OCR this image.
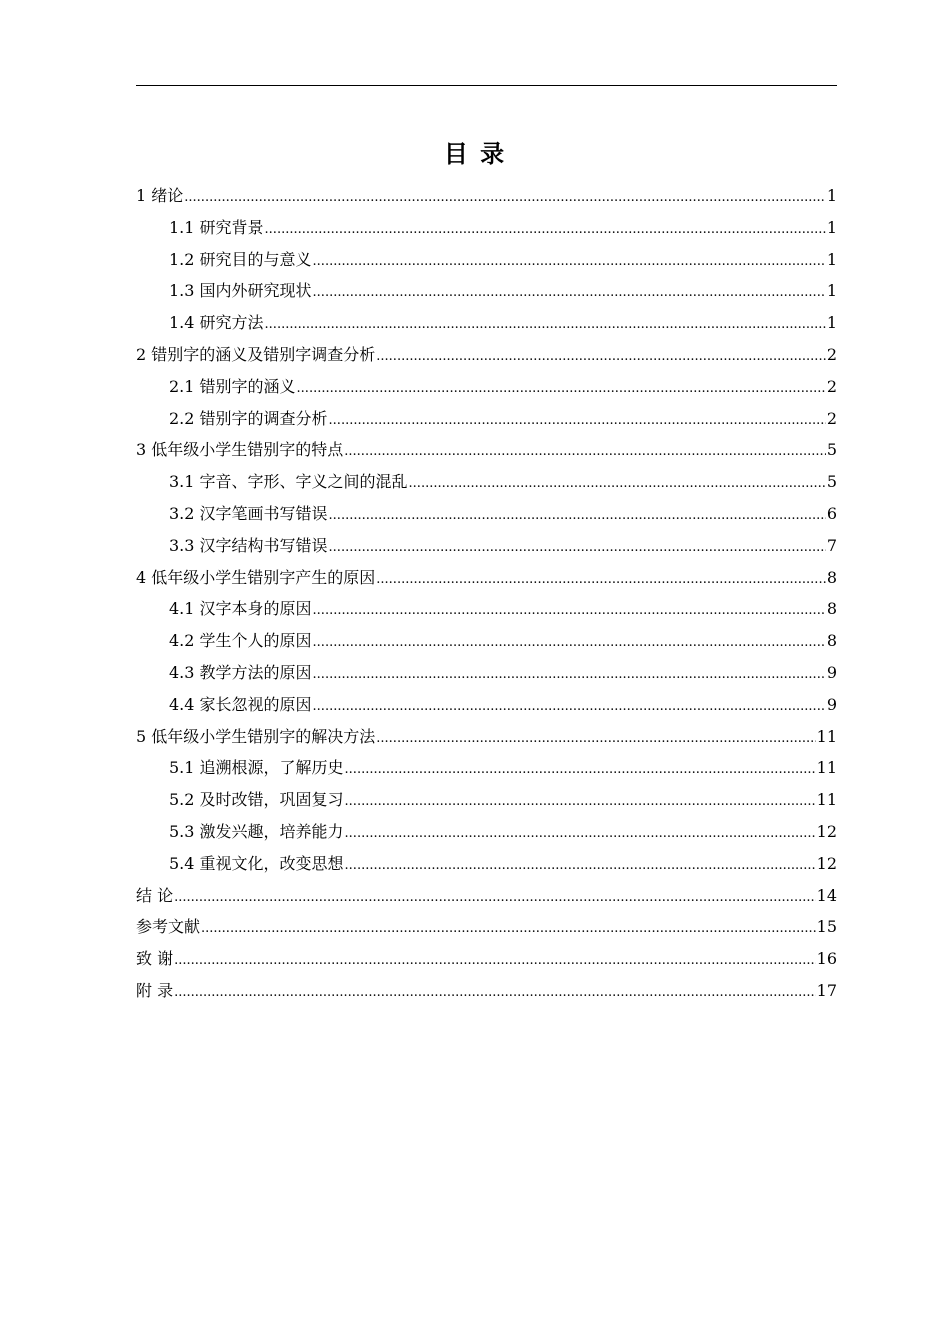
目 录
1 绪论 .....	1
1.1 研究背景 .....	1
1.2 研究目的与意义 .....	1
1.3 国内外研究现状 .....	1
1.4 研究方法 .....	1
2 错别字的涵义及错别字调查分析 .....	2
2.1 错别字的涵义 .....	2
2.2 错别字的调查分析 .....	2
3 低年级小学生错别字的特点 .....	5
3.1 字音、字形、字义之间的混乱 .....	5
3.2 汉字笔画书写错误 .....	6
3.3 汉字结构书写错误 .....	7
4 低年级小学生错别字产生的原因 .....	8
4.1 汉字本身的原因 .....	8
4.2 学生个人的原因 .....	8
4.3 教学方法的原因 .....	9
4.4 家长忽视的原因 .....	9
5 低年级小学生错别字的解决方法 .....	11
5.1 追溯根源，了解历史 .....	11
5.2 及时改错，巩固复习 .....	11
5.3 激发兴趣，培养能力 .....	12
5.4 重视文化，改变思想 .....	12
结 论 .....	14
参考文献 .....	15
致 谢 .....	16
附 录 .....	17
